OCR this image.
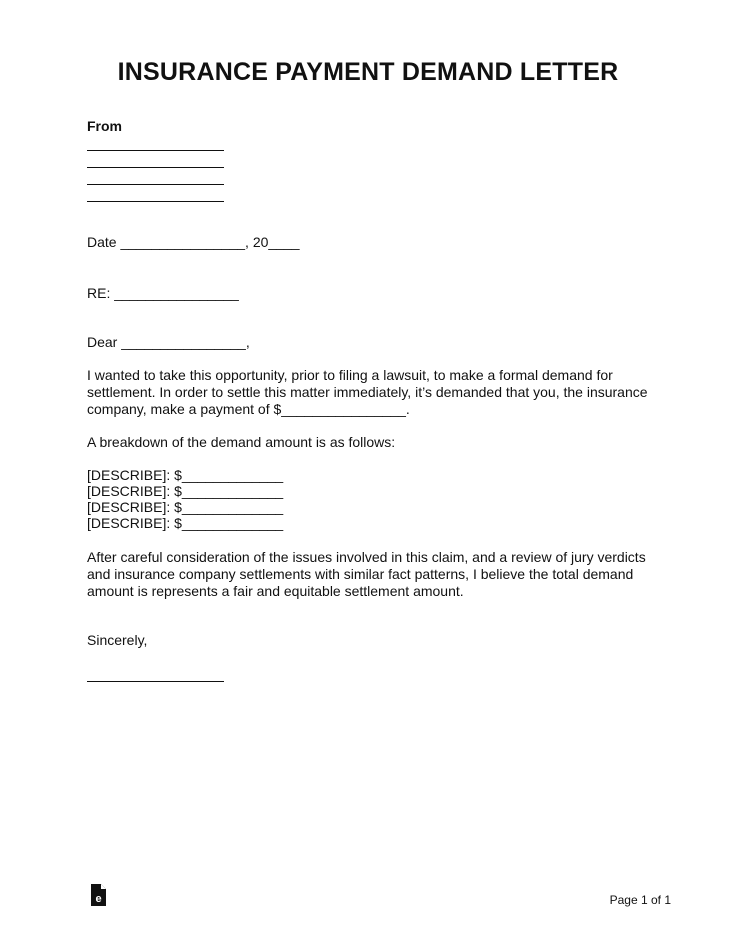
INSURANCE PAYMENT DEMAND LETTER
From
Date ________________, 20____
RE: ________________
Dear ________________,

I wanted to take this opportunity, prior to filing a lawsuit, to make a formal demand for settlement. In order to settle this matter immediately, it’s demanded that you, the insurance company, make a payment of $________________.

A breakdown of the demand amount is as follows:
[DESCRIBE]: $_____________
[DESCRIBE]: $_____________
[DESCRIBE]: $_____________
[DESCRIBE]: $_____________

After careful consideration of the issues involved in this claim, and a review of jury verdicts and insurance company settlements with similar fact patterns, I believe the total demand amount is represents a fair and equitable settlement amount.

Sincerely,
e	Page 1 of 1
